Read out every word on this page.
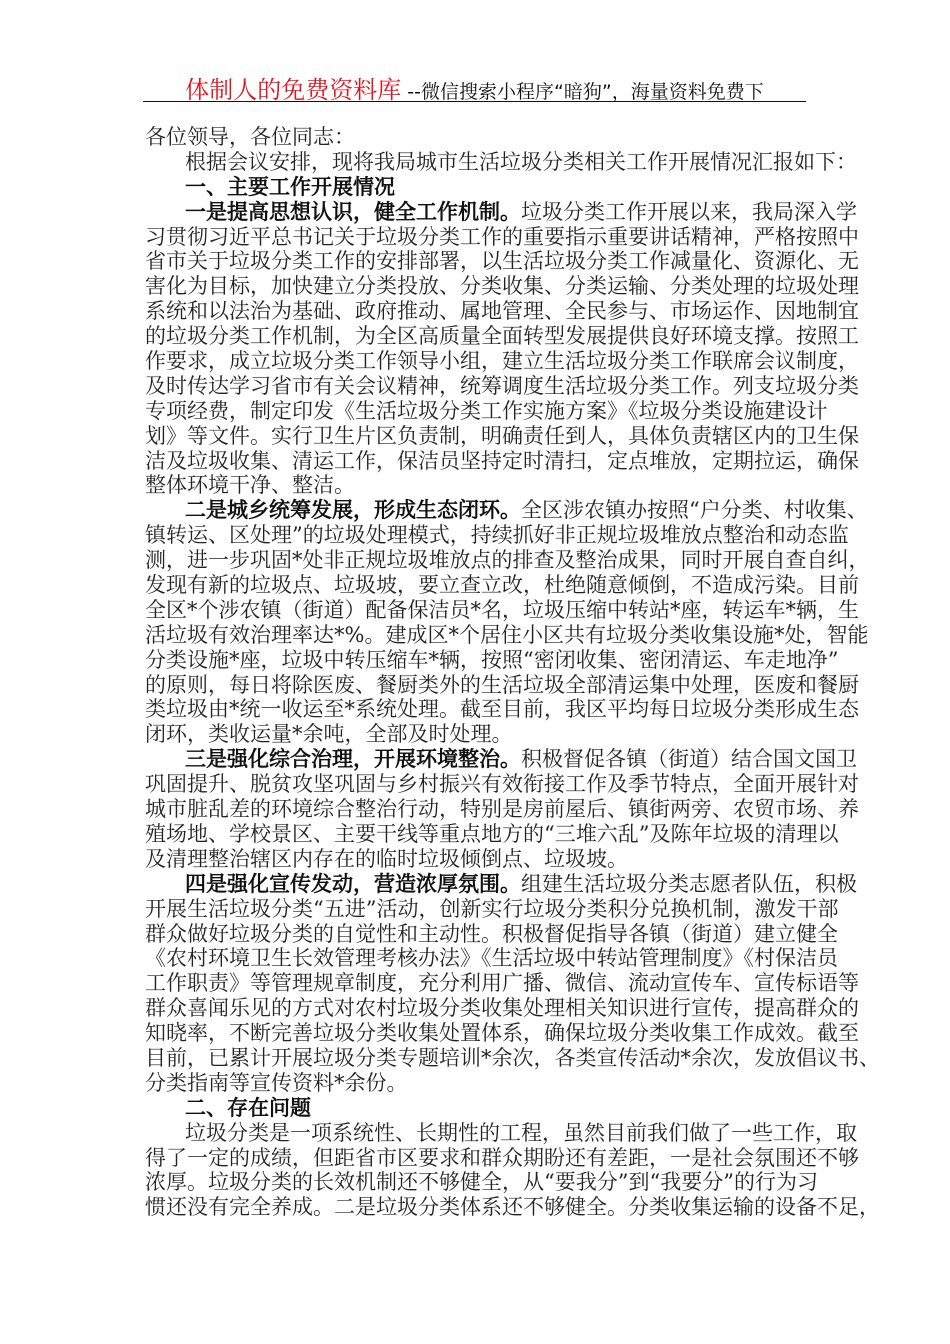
体制人的免费资料库 --微信搜索小程序“暗狗”，海量资料免费下
各位领导，各位同志：
根据会议安排，现将我局城市生活垃圾分类相关工作开展情况汇报如下：
一、主要工作开展情况
一是提高思想认识，健全工作机制。垃圾分类工作开展以来，我局深入学
习贯彻习近平总书记关于垃圾分类工作的重要指示重要讲话精神，严格按照中
省市关于垃圾分类工作的安排部署，以生活垃圾分类工作减量化、资源化、无
害化为目标，加快建立分类投放、分类收集、分类运输、分类处理的垃圾处理
系统和以法治为基础、政府推动、属地管理、全民参与、市场运作、因地制宜
的垃圾分类工作机制，为全区高质量全面转型发展提供良好环境支撑。按照工
作要求，成立垃圾分类工作领导小组，建立生活垃圾分类工作联席会议制度，
及时传达学习省市有关会议精神，统筹调度生活垃圾分类工作。列支垃圾分类
专项经费，制定印发《生活垃圾分类工作实施方案》《垃圾分类设施建设计
划》等文件。实行卫生片区负责制，明确责任到人，具体负责辖区内的卫生保
洁及垃圾收集、清运工作，保洁员坚持定时清扫，定点堆放，定期拉运，确保
整体环境干净、整洁。
二是城乡统筹发展，形成生态闭环。全区涉农镇办按照“户分类、村收集、
镇转运、区处理”的垃圾处理模式，持续抓好非正规垃圾堆放点整治和动态监
测，进一步巩固*处非正规垃圾堆放点的排查及整治成果，同时开展自查自纠，
发现有新的垃圾点、垃圾坡，要立查立改，杜绝随意倾倒，不造成污染。目前
全区*个涉农镇（街道）配备保洁员*名，垃圾压缩中转站*座，转运车*辆，生
活垃圾有效治理率达*%。建成区*个居住小区共有垃圾分类收集设施*处，智能
分类设施*座，垃圾中转压缩车*辆，按照“密闭收集、密闭清运、车走地净”
的原则，每日将除医废、餐厨类外的生活垃圾全部清运集中处理，医废和餐厨
类垃圾由*统一收运至*系统处理。截至目前，我区平均每日垃圾分类形成生态
闭环，类收运量*余吨，全部及时处理。
三是强化综合治理，开展环境整治。积极督促各镇（街道）结合国文国卫
巩固提升、脱贫攻坚巩固与乡村振兴有效衔接工作及季节特点，全面开展针对
城市脏乱差的环境综合整治行动，特别是房前屋后、镇街两旁、农贸市场、养
殖场地、学校景区、主要干线等重点地方的“三堆六乱”及陈年垃圾的清理以
及清理整治辖区内存在的临时垃圾倾倒点、垃圾坡。
四是强化宣传发动，营造浓厚氛围。组建生活垃圾分类志愿者队伍，积极
开展生活垃圾分类“五进”活动，创新实行垃圾分类积分兑换机制，激发干部
群众做好垃圾分类的自觉性和主动性。积极督促指导各镇（街道）建立健全
《农村环境卫生长效管理考核办法》《生活垃圾中转站管理制度》《村保洁员
工作职责》等管理规章制度，充分利用广播、微信、流动宣传车、宣传标语等
群众喜闻乐见的方式对农村垃圾分类收集处理相关知识进行宣传，提高群众的
知晓率，不断完善垃圾分类收集处置体系，确保垃圾分类收集工作成效。截至
目前，已累计开展垃圾分类专题培训*余次，各类宣传活动*余次，发放倡议书、
分类指南等宣传资料*余份。
二、存在问题
垃圾分类是一项系统性、长期性的工程，虽然目前我们做了一些工作，取
得了一定的成绩，但距省市区要求和群众期盼还有差距，一是社会氛围还不够
浓厚。垃圾分类的长效机制还不够健全，从“要我分”到“我要分”的行为习
惯还没有完全养成。二是垃圾分类体系还不够健全。分类收集运输的设备不足，
